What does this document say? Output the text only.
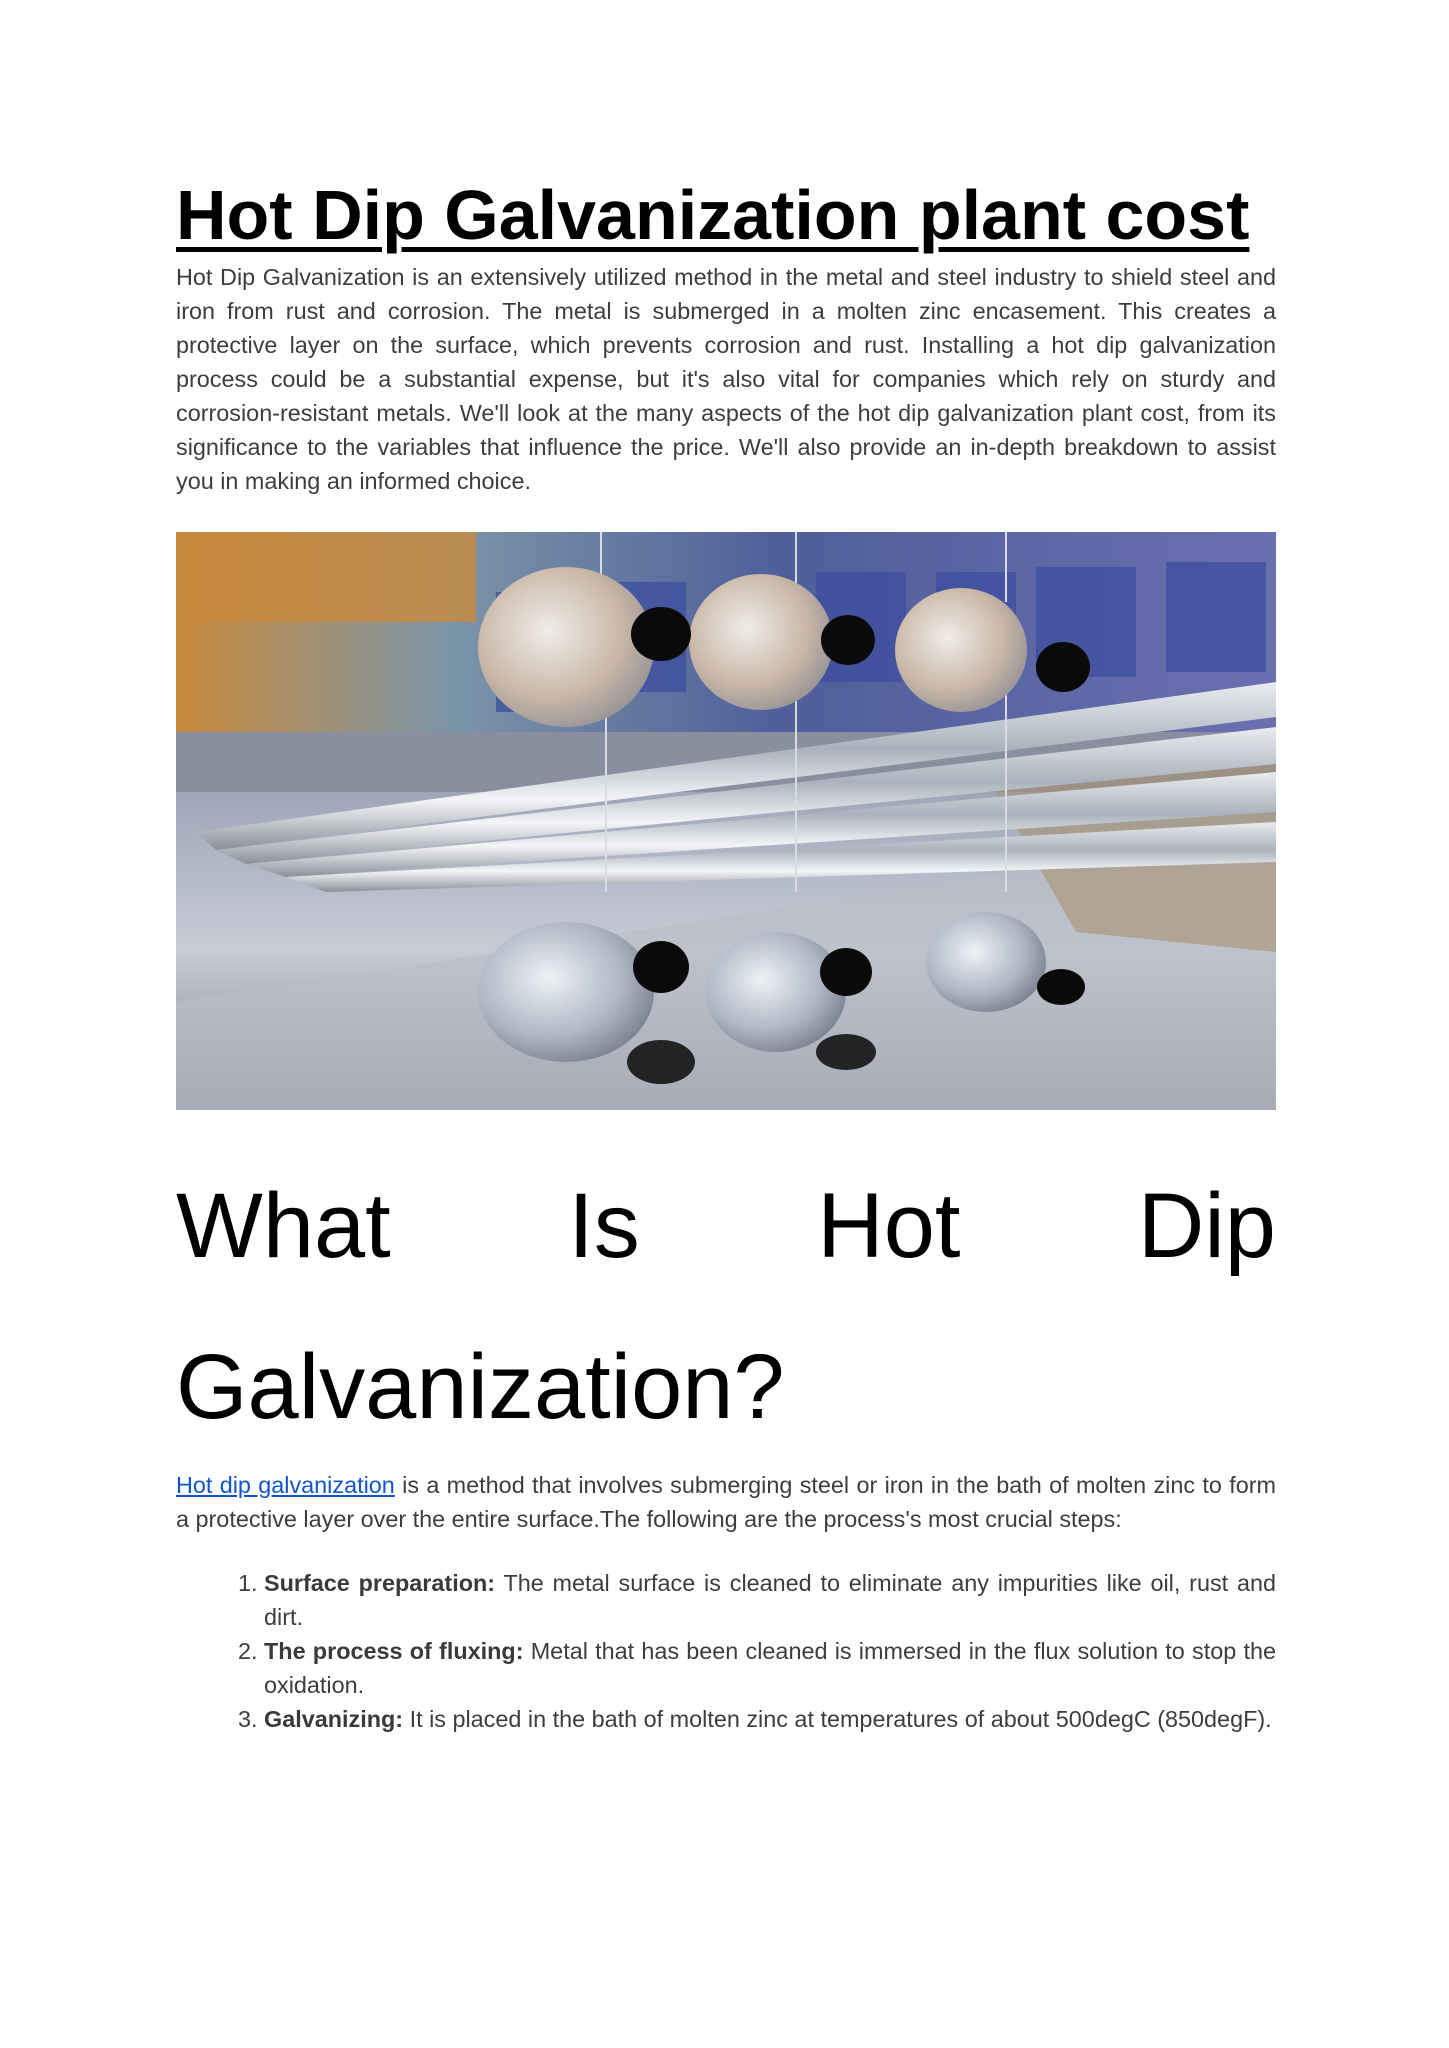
Hot Dip Galvanization plant cost

Hot Dip Galvanization is an extensively utilized method in the metal and steel industry to shield steel and iron from rust and corrosion. The metal is submerged in a molten zinc encasement. This creates a protective layer on the surface, which prevents corrosion and rust. Installing a hot dip galvanization process could be a substantial expense, but it's also vital for companies which rely on sturdy and corrosion-resistant metals. We'll look at the many aspects of the hot dip galvanization plant cost, from its significance to the variables that influence the price. We'll also provide an in-depth breakdown to assist you in making an informed choice.

What Is Hot Dip
Galvanization?

Hot dip galvanization is a method that involves submerging steel or iron in the bath of molten zinc to form a protective layer over the entire surface.The following are the process's most crucial steps:

1. Surface preparation: The metal surface is cleaned to eliminate any impurities like oil, rust and dirt.
2. The process of fluxing: Metal that has been cleaned is immersed in the flux solution to stop the oxidation.
3. Galvanizing: It is placed in the bath of molten zinc at temperatures of about 500degC (850degF).
